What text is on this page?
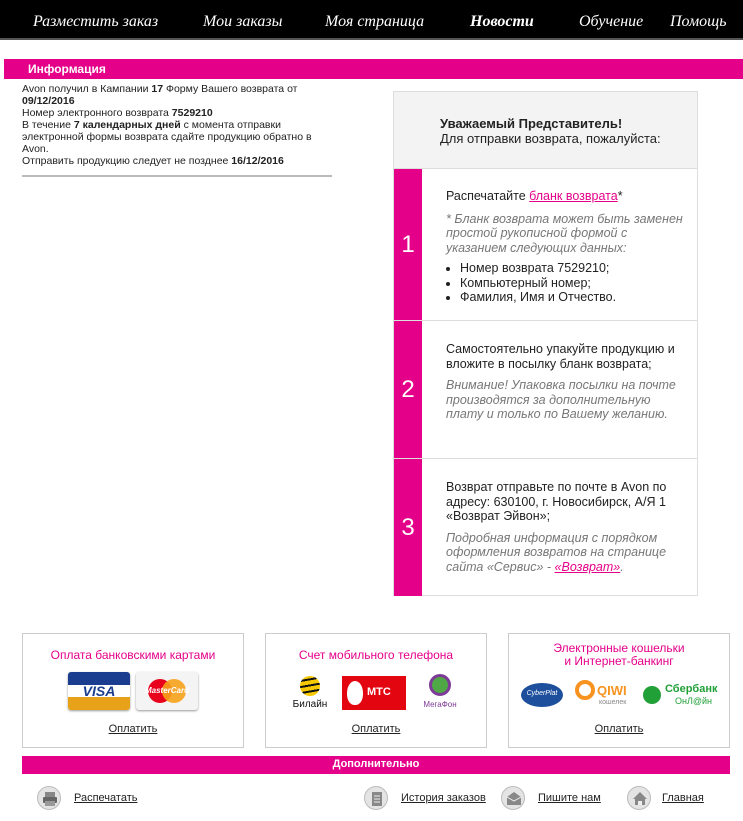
Разместить заказ	Мои заказы	Моя страница	Новости	Обучение Помощь
Информация
Avon получил в Кампании 17 Форму Вашего возврата от
09/12/2016
Номер электронного возврата 7529210
В течение 7 календарных дней с момента отправки электронной формы возврата сдайте продукцию обратно в Avon.
Отправить продукцию следует не позднее 16/12/2016
Уважаемый Представитель!
Для отправки возврата, пожалуйста:
1
Распечатайте бланк возврата*
* Бланк возврата может быть заменен простой рукописной формой с указанием следующих данных:
• Номер возврата 7529210;
• Компьютерный номер;
• Фамилия, Имя и Отчество.
2
Самостоятельно упакуйте продукцию и вложите в посылку бланк возврата;
Внимание! Упаковка посылки на почте производятся за дополнительную плату и только по Вашему желанию.
3
Возврат отправьте по почте в Avon по адресу: 630100, г. Новосибирск, А/Я 1 «Возврат Эйвон»;
Подробная информация с порядком оформления возвратов на странице сайта «Сервис» - «Возврат».
Оплата банковскими картами
VISA	MasterCard
Оплатить
Счет мобильного телефона
Билайн
МТС
МегаФон
Оплатить
Электронные кошельки
и Интернет-банкинг
CyberPlat	QIWI
кошелек
Сбербанк
ОнЛ@йн
Оплатить
Дополнительно
Распечатать	История заказов	Пишите нам	Главная
